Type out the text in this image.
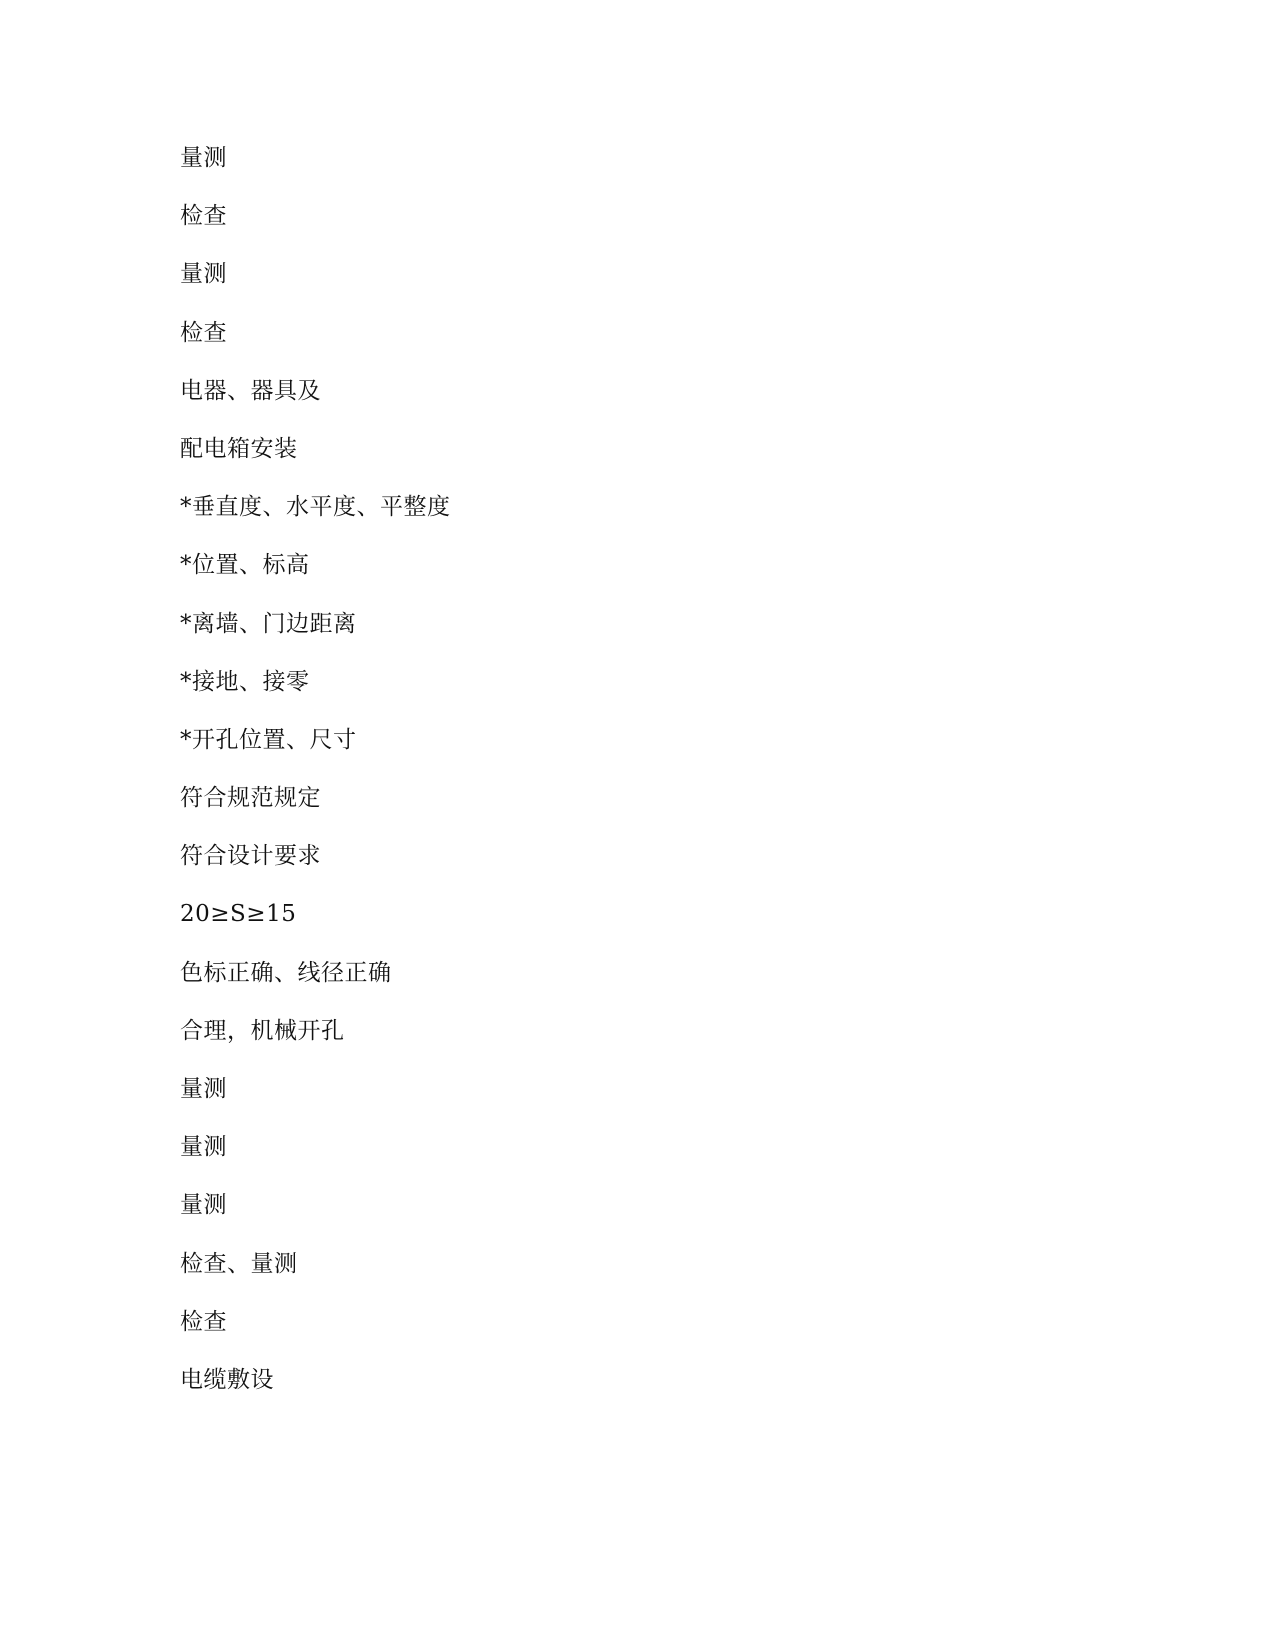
量测
检查
量测
检查
电器、器具及
配电箱安装
*垂直度、水平度、平整度
*位置、标高
*离墙、门边距离
*接地、接零
*开孔位置、尺寸
符合规范规定
符合设计要求
20≥S≥15
色标正确、线径正确
合理，机械开孔
量测
量测
量测
检查、量测
检查
电缆敷设
